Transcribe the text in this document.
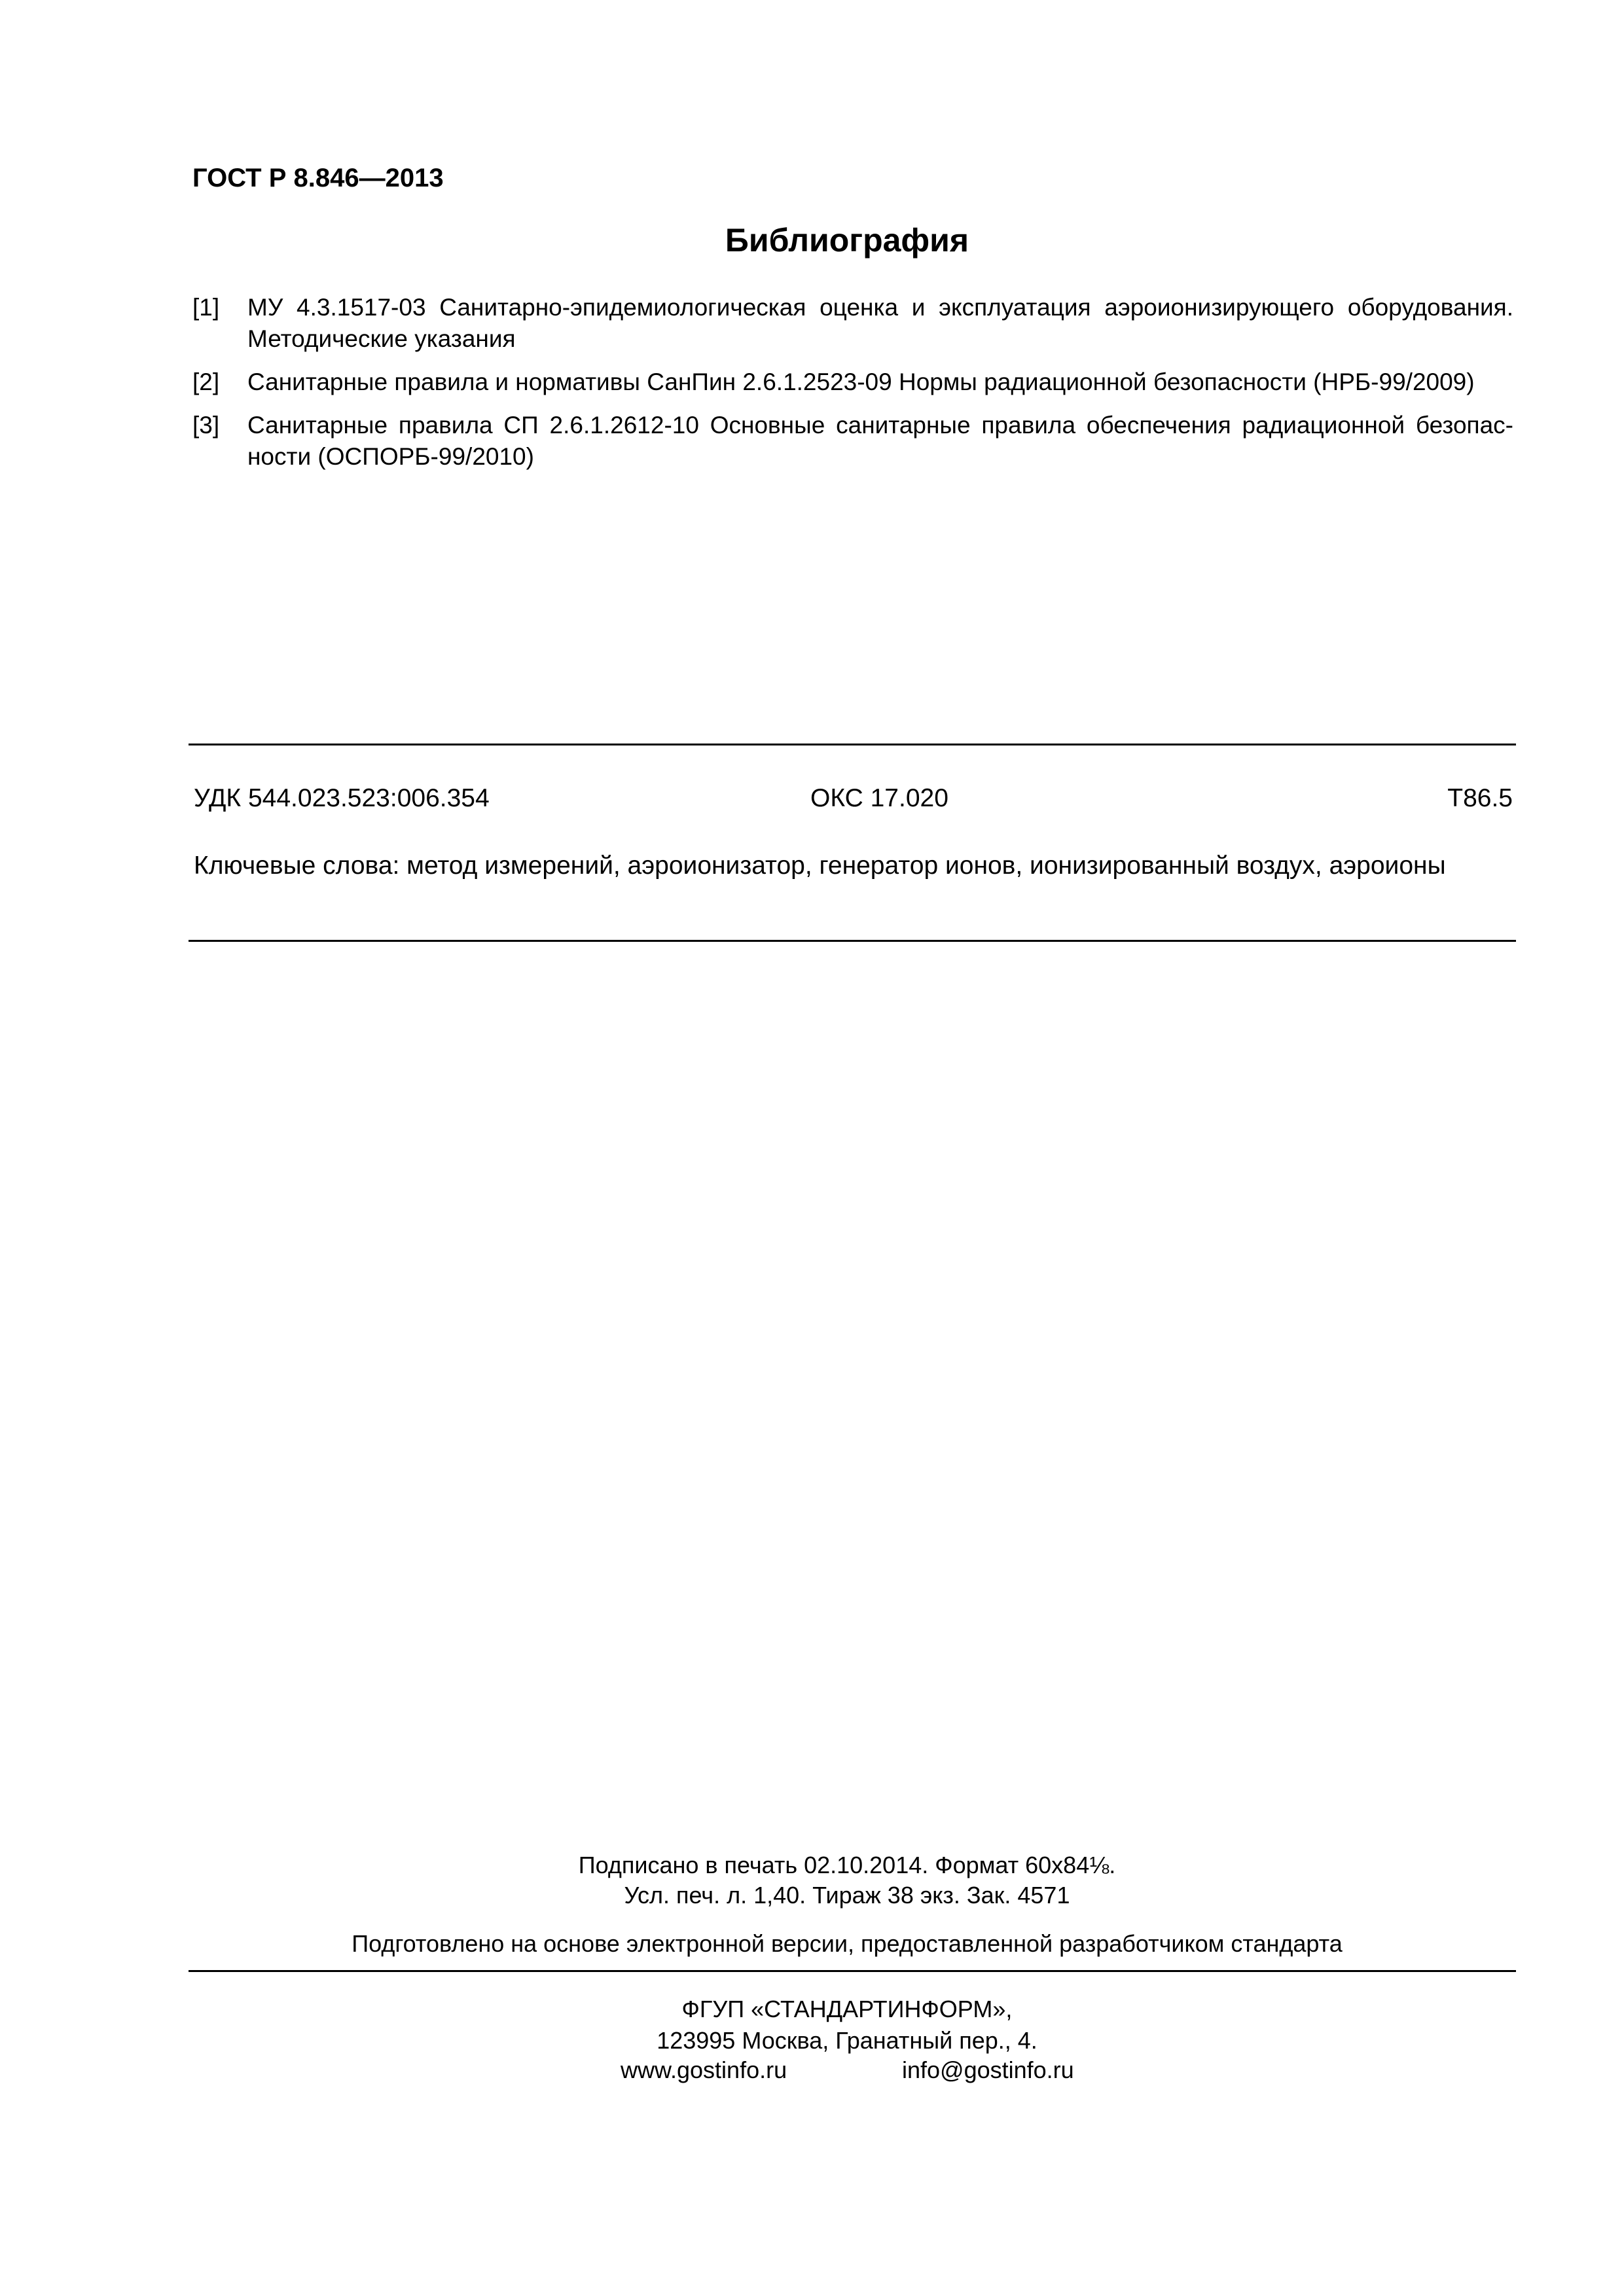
ГОСТ Р 8.846—2013
Библиография
[1] МУ 4.3.1517-03 Санитарно-эпидемиологическая оценка и эксплуатация аэроионизирующего оборудования. Методические указания
[2] Санитарные правила и нормативы СанПин 2.6.1.2523-09 Нормы радиационной безопасности (НРБ-99/2009)
[3] Санитарные правила СП 2.6.1.2612-10 Основные санитарные правила обеспечения радиационной безопасности (ОСПОРБ-99/2010)
УДК 544.023.523:006.354	ОКС 17.020	Т86.5
Ключевые слова: метод измерений, аэроионизатор, генератор ионов, ионизированный воздух, аэроионы
Подписано в печать 02.10.2014. Формат 60х84⅛.
Усл. печ. л. 1,40. Тираж 38 экз. Зак. 4571
Подготовлено на основе электронной версии, предоставленной разработчиком стандарта
ФГУП «СТАНДАРТИНФОРМ»,
123995 Москва, Гранатный пер., 4.
www.gostinfo.ru	info@gostinfo.ru
